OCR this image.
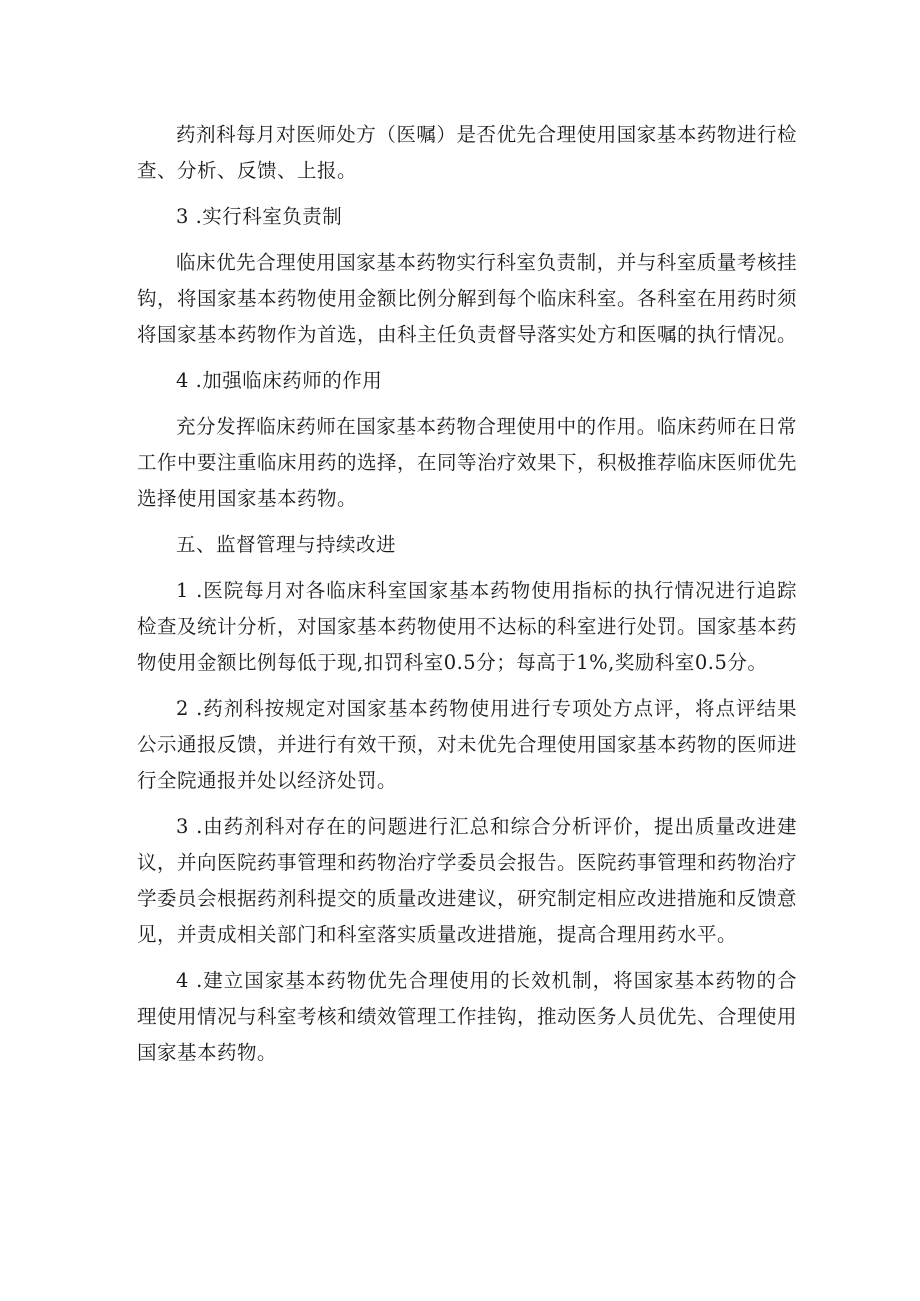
药剂科每月对医师处方（医嘱）是否优先合理使用国家基本药物进行检查、分析、反馈、上报。

3 .实行科室负责制

临床优先合理使用国家基本药物实行科室负责制，并与科室质量考核挂钩，将国家基本药物使用金额比例分解到每个临床科室。各科室在用药时须将国家基本药物作为首选，由科主任负责督导落实处方和医嘱的执行情况。

4 .加强临床药师的作用

充分发挥临床药师在国家基本药物合理使用中的作用。临床药师在日常工作中要注重临床用药的选择，在同等治疗效果下，积极推荐临床医师优先选择使用国家基本药物。

五、监督管理与持续改进

1 .医院每月对各临床科室国家基本药物使用指标的执行情况进行追踪检查及统计分析，对国家基本药物使用不达标的科室进行处罚。国家基本药物使用金额比例每低于现,扣罚科室0.5分；每高于1%,奖励科室0.5分。

2 .药剂科按规定对国家基本药物使用进行专项处方点评，将点评结果公示通报反馈，并进行有效干预，对未优先合理使用国家基本药物的医师进行全院通报并处以经济处罚。

3 .由药剂科对存在的问题进行汇总和综合分析评价，提出质量改进建议，并向医院药事管理和药物治疗学委员会报告。医院药事管理和药物治疗学委员会根据药剂科提交的质量改进建议，研究制定相应改进措施和反馈意见，并责成相关部门和科室落实质量改进措施，提高合理用药水平。

4 .建立国家基本药物优先合理使用的长效机制，将国家基本药物的合理使用情况与科室考核和绩效管理工作挂钩，推动医务人员优先、合理使用国家基本药物。
